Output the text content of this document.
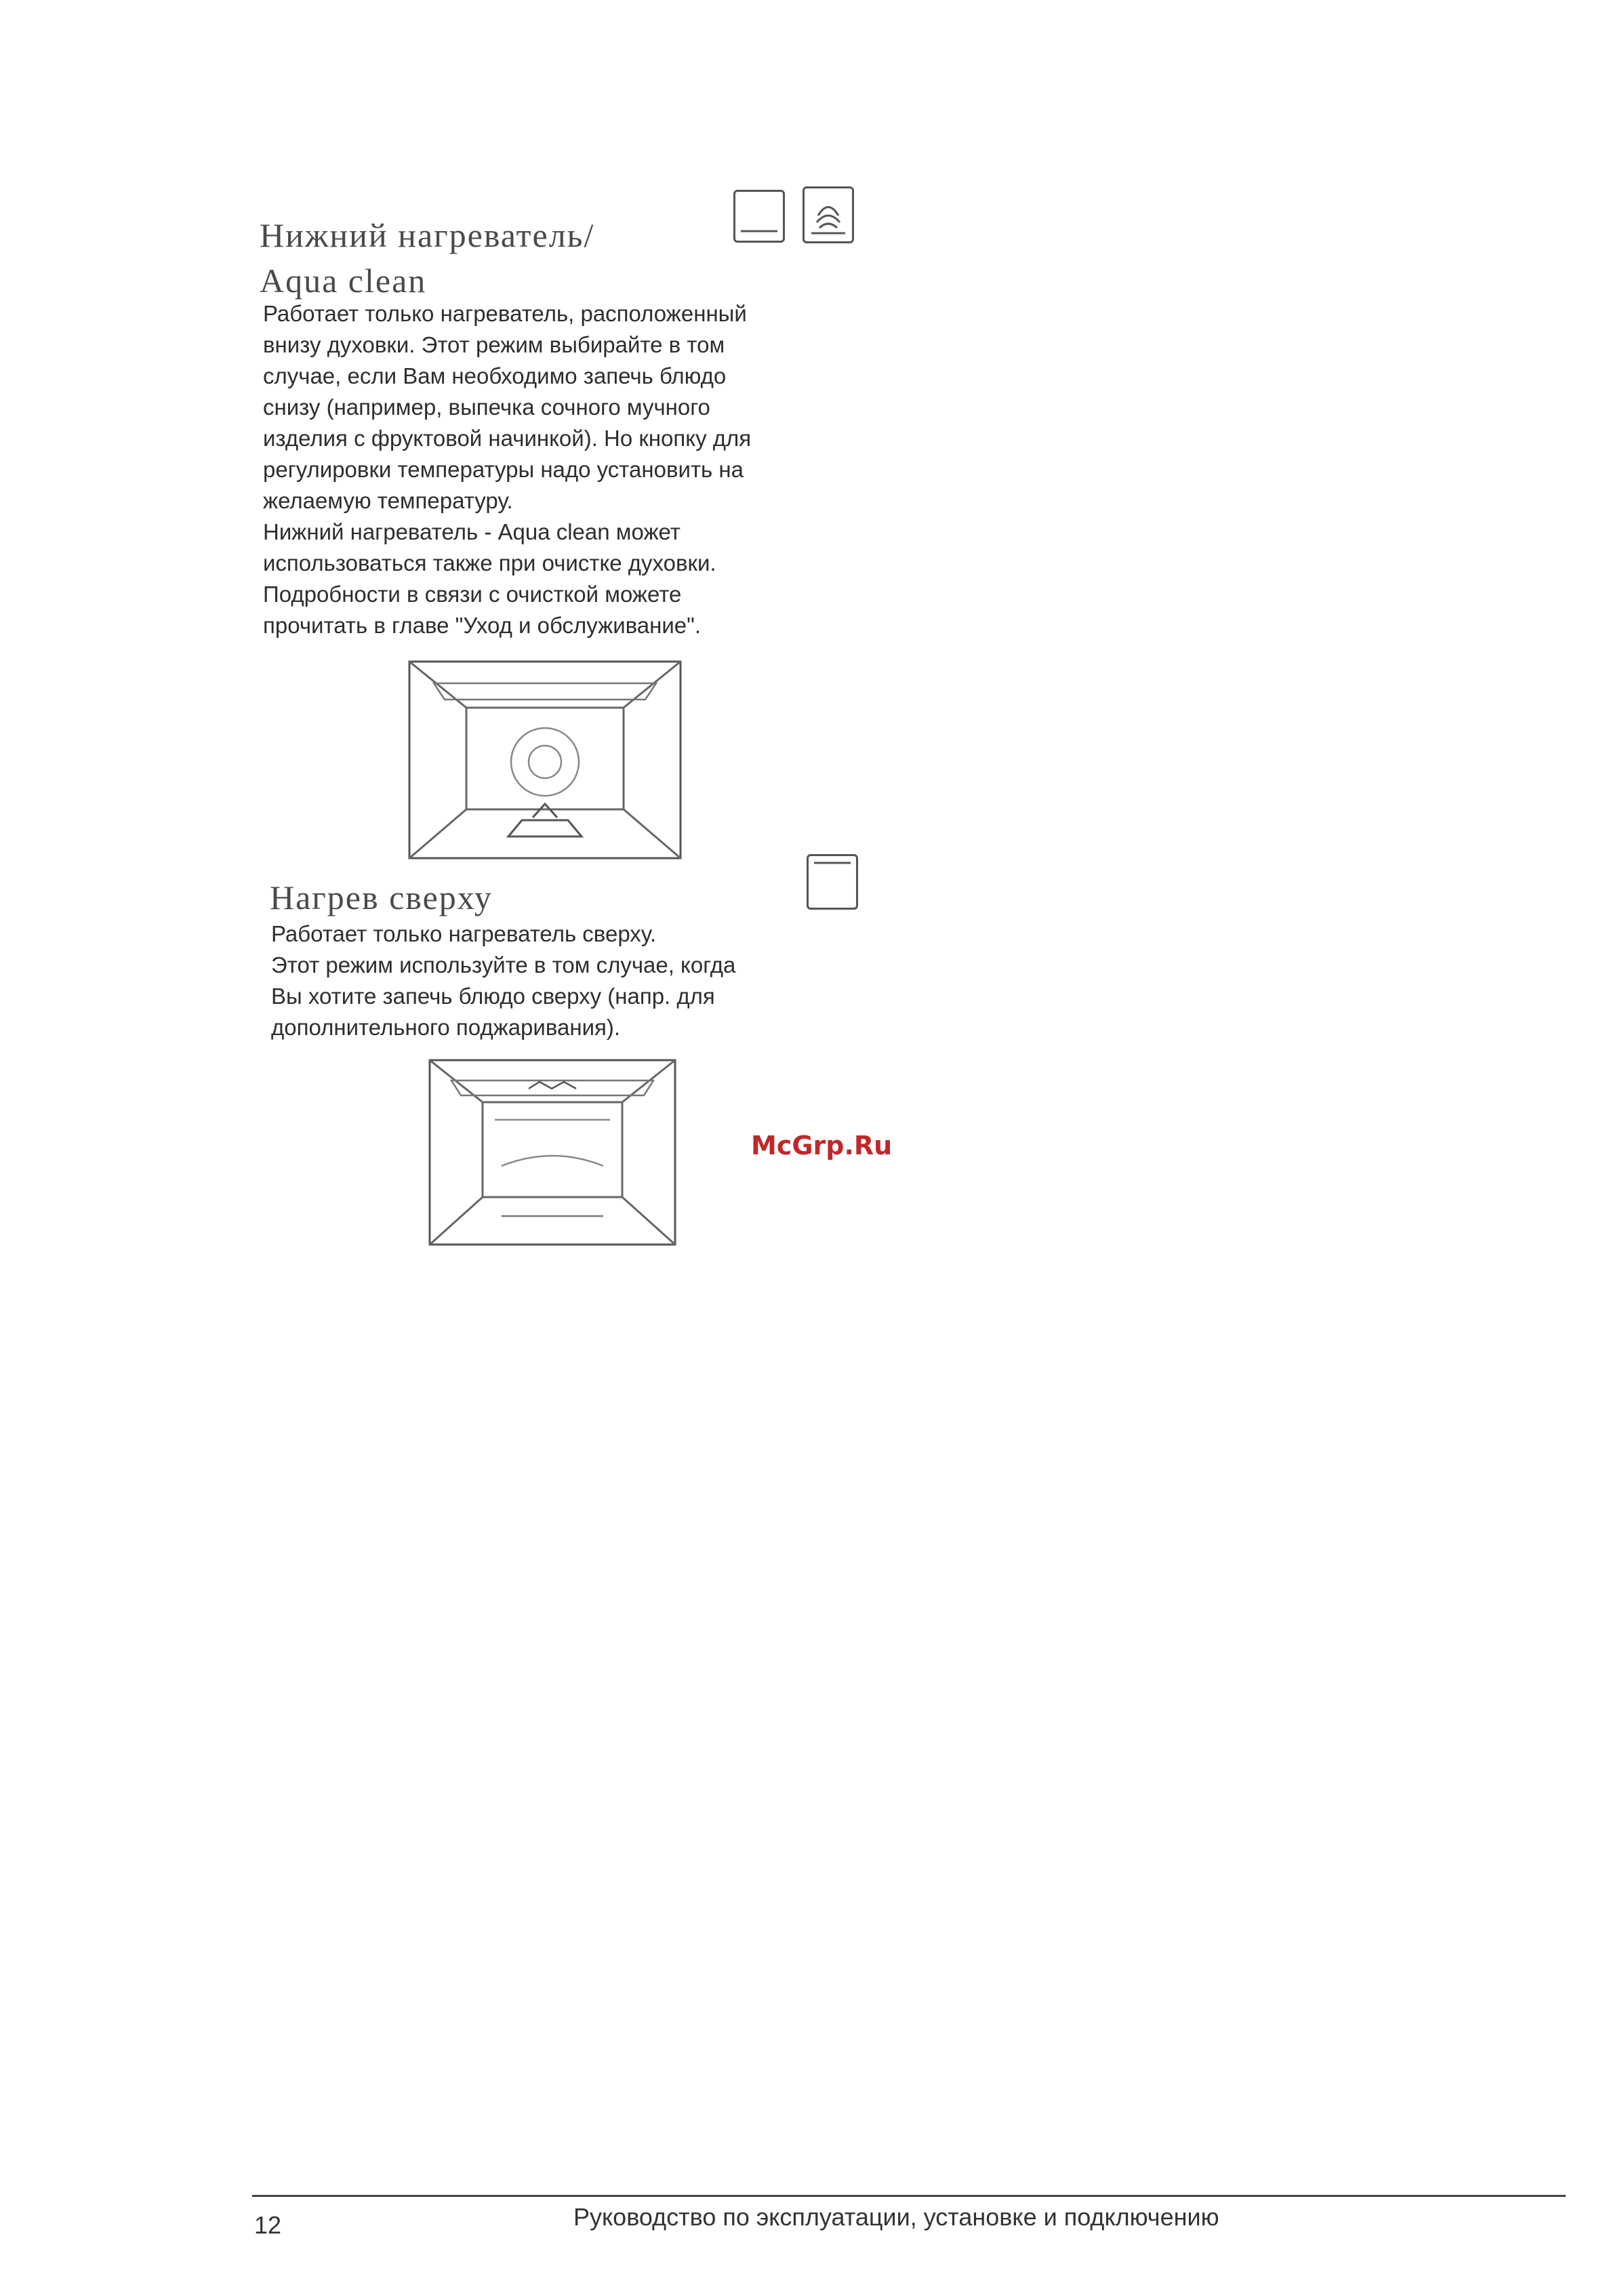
Нижний нагреватель/
Aqua clean
Работает только нагреватель, расположенный
внизу духовки. Этот режим выбирайте в том
случае, если Вам необходимо запечь блюдо
снизу (например, выпечка сочного мучного
изделия с фруктовой начинкой). Но кнопку для
регулировки температуры надо установить на
желаемую температуру.
Нижний нагреватель - Aqua clean может
использоваться также при очистке духовки.
Подробности в связи с очисткой можете
прочитать в главе "Уход и обслуживание".
Нагрев сверху
Работает только нагреватель сверху.
Этот режим используйте в том случае, когда
Вы хотите запечь блюдо сверху (напр. для
дополнительного поджаривания).
McGrp.Ru
12	Руководство по эксплуатации, установке и подключению
